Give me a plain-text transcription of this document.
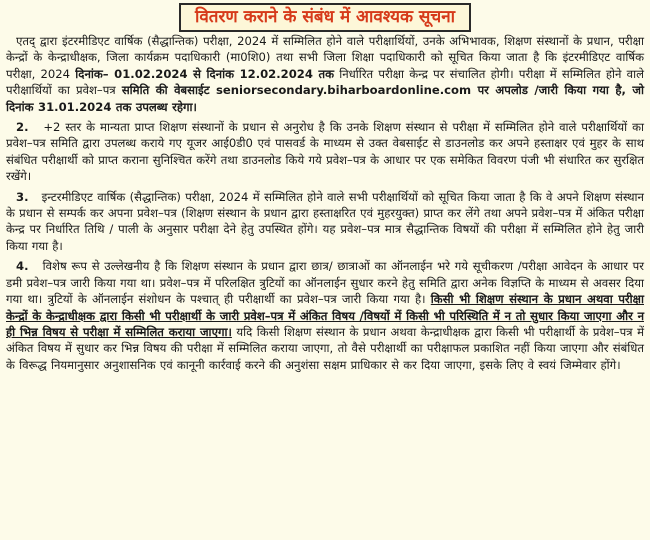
वितरण कराने के संबंध में आवश्यक सूचना

एतद् द्वारा इंटरमीडिएट वार्षिक (सैद्धान्तिक) परीक्षा, 2024 में सम्मिलित होने वाले परीक्षार्थियों, उनके अभिभावक, शिक्षण संस्थानों के प्रधान, परीक्षा केन्द्रों के केन्द्राधीक्षक, जिला कार्यक्रम पदाधिकारी (मा0शि0) तथा सभी जिला शिक्षा पदाधिकारी को सूचित किया जाता है कि इंटरमीडिएट वार्षिक परीक्षा, 2024 दिनांक– 01.02.2024 से दिनांक 12.02.2024 तक निर्धारित परीक्षा केन्द्र पर संचालित होगी। परीक्षा में सम्मिलित होने वाले परीक्षार्थियों का प्रवेश–पत्र समिति की वेबसाईट seniorsecondary.biharboardonline.com पर अपलोड /जारी किया गया है, जो दिनांक 31.01.2024 तक उपलब्ध रहेगा।

2. +2 स्तर के मान्यता प्राप्त शिक्षण संस्थानों के प्रधान से अनुरोध है कि उनके शिक्षण संस्थान से परीक्षा में सम्मिलित होने वाले परीक्षार्थियों का प्रवेश–पत्र समिति द्वारा उपलब्ध कराये गए यूजर आई0डी0 एवं पासवर्ड के माध्यम से उक्त वेबसाईट से डाउनलोड कर अपने हस्ताक्षर एवं मुहर के साथ संबंधित परीक्षार्थी को प्राप्त कराना सुनिश्चित करेंगे तथा डाउनलोड किये गये प्रवेश–पत्र के आधार पर एक समेकित विवरण पंजी भी संधारित कर सुरक्षित रखेंगे।

3. इन्टरमीडिएट वार्षिक (सैद्धान्तिक) परीक्षा, 2024 में सम्मिलित होने वाले सभी परीक्षार्थियों को सूचित किया जाता है कि वे अपने शिक्षण संस्थान के प्रधान से सम्पर्क कर अपना प्रवेश–पत्र (शिक्षण संस्थान के प्रधान द्वारा हस्ताक्षरित एवं मुहरयुक्त) प्राप्त कर लेंगे तथा अपने प्रवेश–पत्र में अंकित परीक्षा केन्द्र पर निर्धारित तिथि / पाली के अनुसार परीक्षा देने हेतु उपस्थित होंगे। यह प्रवेश–पत्र मात्र सैद्धान्तिक विषयों की परीक्षा में सम्मिलित होने हेतु जारी किया गया है।

4. विशेष रूप से उल्लेखनीय है कि शिक्षण संस्थान के प्रधान द्वारा छात्र/ छात्राओं का ऑनलाईन भरे गये सूचीकरण /परीक्षा आवेदन के आधार पर डमी प्रवेश–पत्र जारी किया गया था। प्रवेश–पत्र में परिलक्षित त्रुटियों का ऑनलाईन सुधार करने हेतु समिति द्वारा अनेक विज्ञप्ति के माध्यम से अवसर दिया गया था। त्रुटियों के ऑनलाईन संशोधन के पश्चात् ही परीक्षार्थी का प्रवेश–पत्र जारी किया गया है। किसी भी शिक्षण संस्थान के प्रधान अथवा परीक्षा केन्द्रों के केन्द्राधीक्षक द्वारा किसी भी परीक्षार्थी के जारी प्रवेश–पत्र में अंकित विषय /विषयों में किसी भी परिस्थिति में न तो सुधार किया जाएगा और न ही भिन्न विषय से परीक्षा में सम्मिलित कराया जाएगा। यदि किसी शिक्षण संस्थान के प्रधान अथवा केन्द्राधीक्षक द्वारा किसी भी परीक्षार्थी के प्रवेश–पत्र में अंकित विषय में सुधार कर भिन्न विषय की परीक्षा में सम्मिलित कराया जाएगा, तो वैसे परीक्षार्थी का परीक्षाफल प्रकाशित नहीं किया जाएगा और संबंधित के विरूद्ध नियमानुसार अनुशासनिक एवं कानूनी कार्रवाई करने की अनुशंसा सक्षम प्राधिकार से कर दिया जाएगा, इसके लिए वे स्वयं जिम्मेवार होंगे।
